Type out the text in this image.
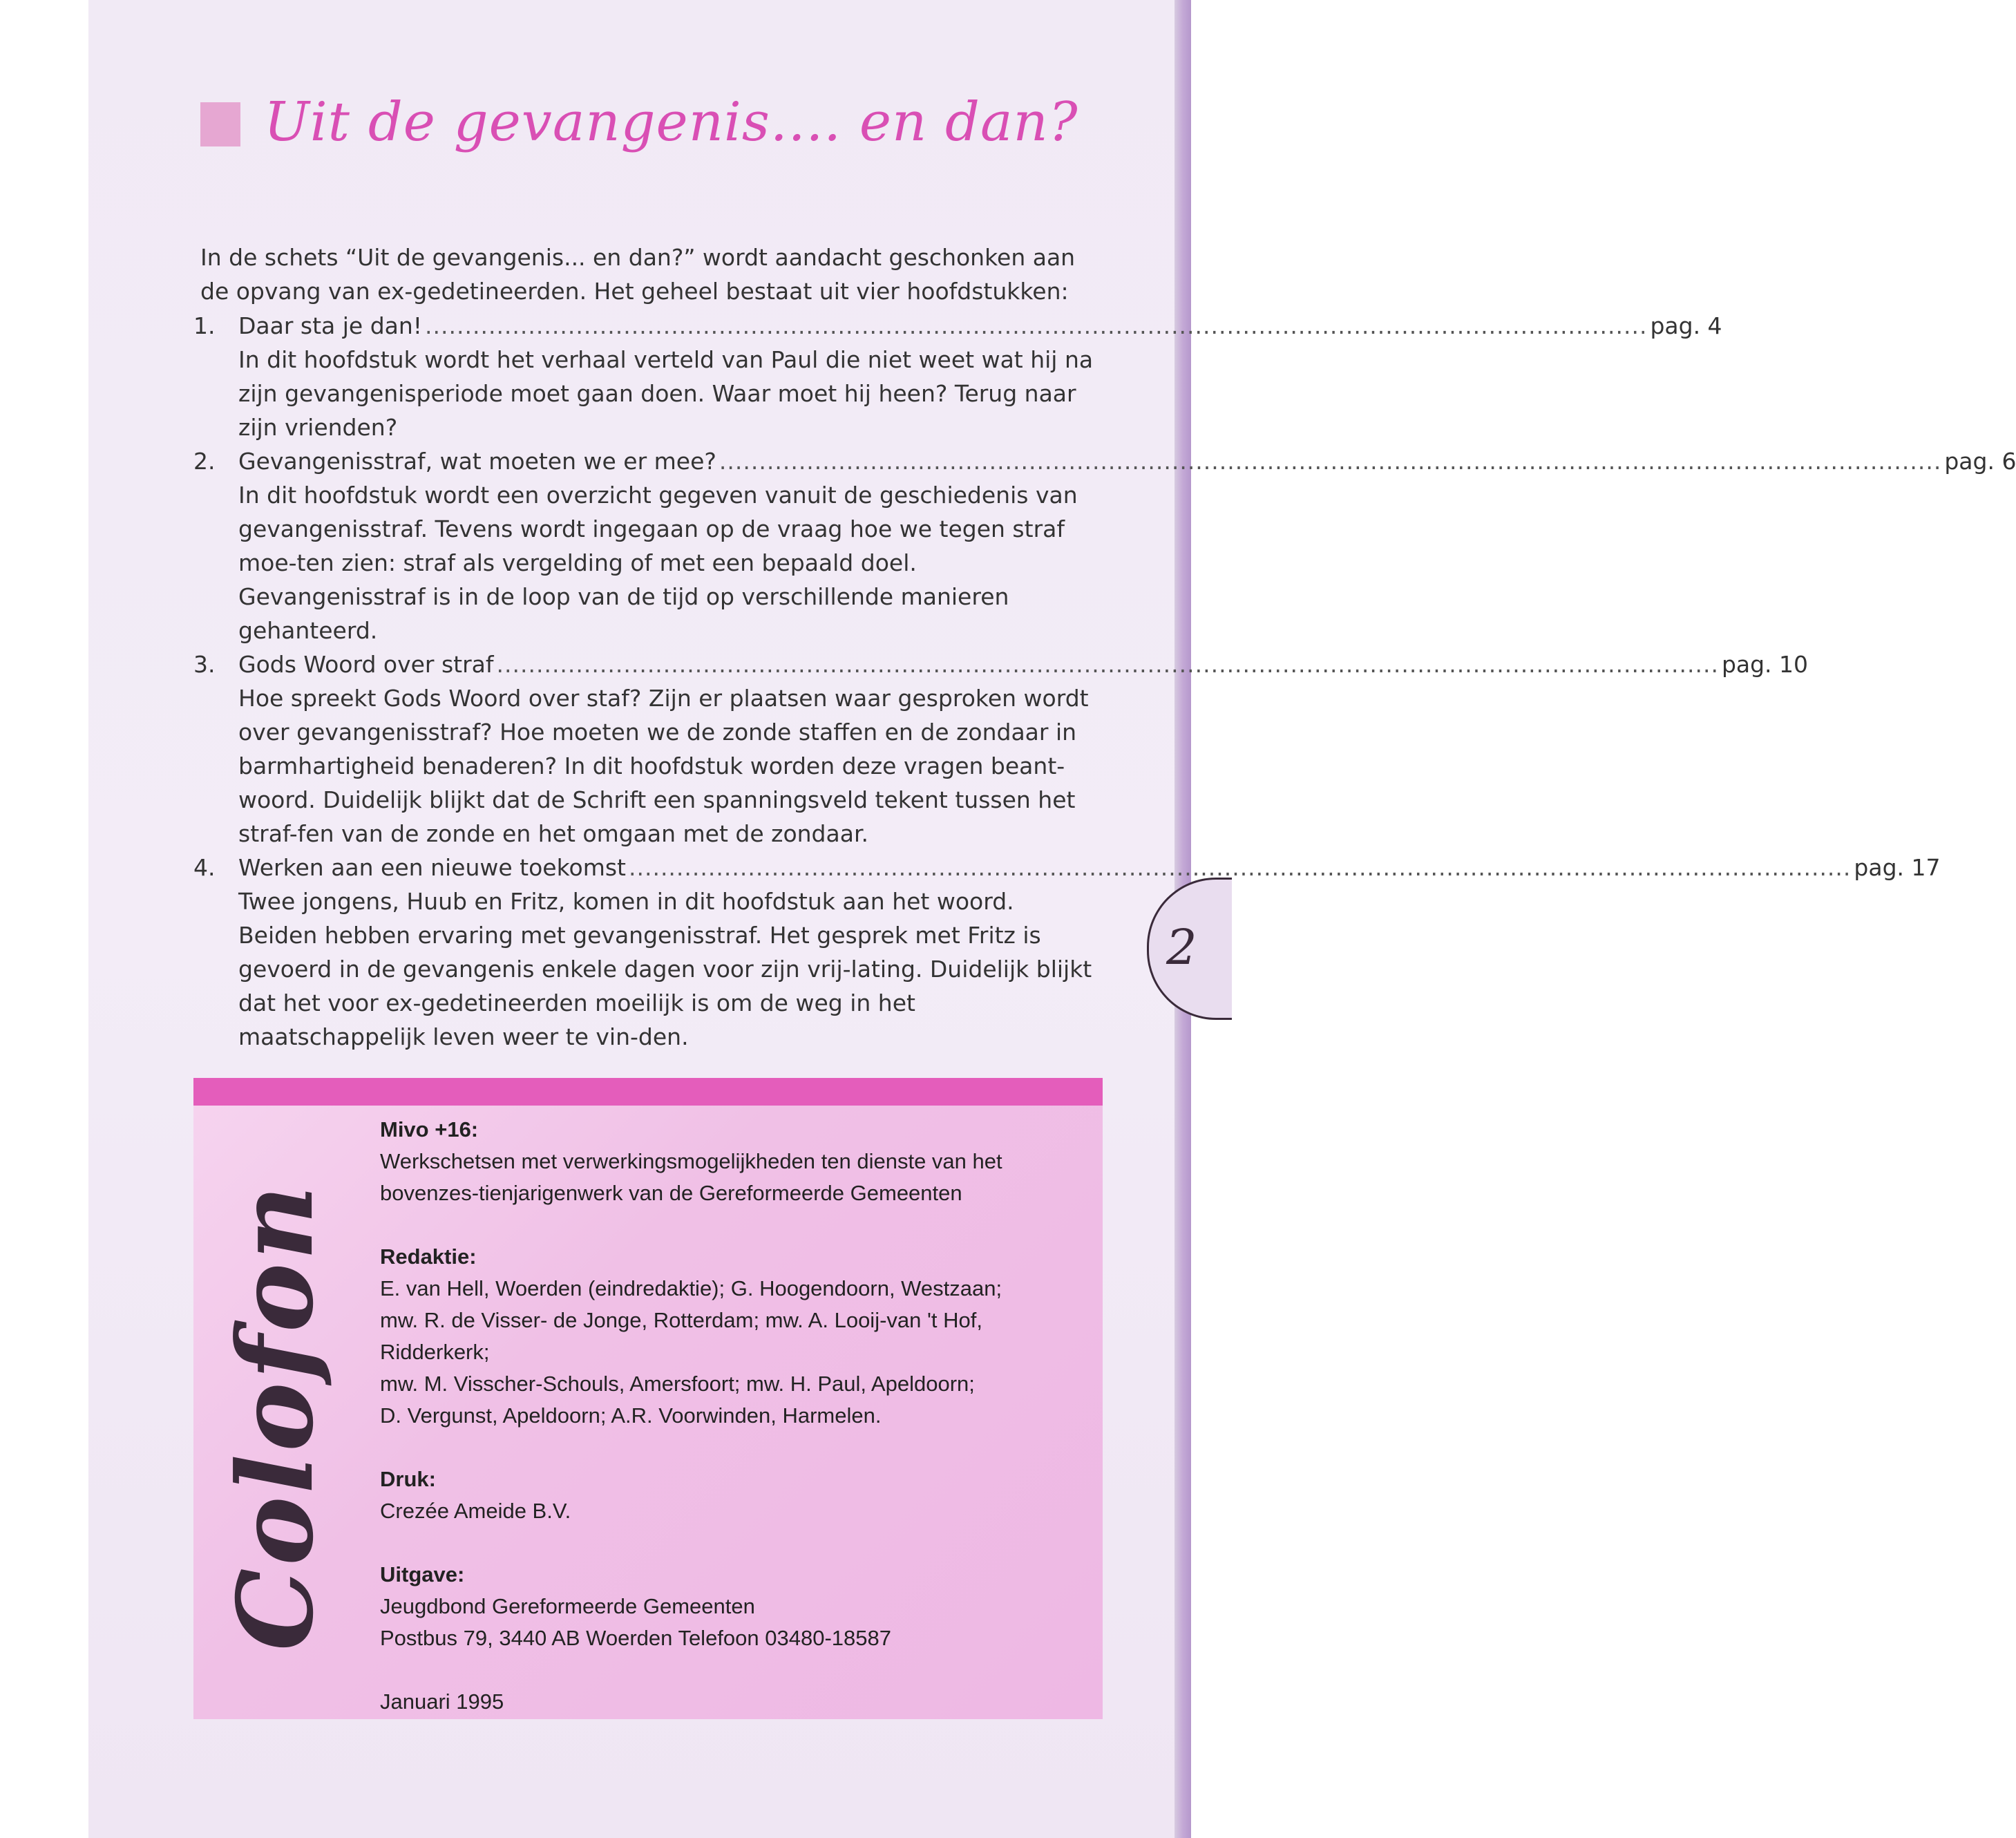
2
Uit de gevangenis.... en dan?

In de schets “Uit de gevangenis... en dan?” wordt aandacht geschonken aan de opvang van ex-gedetineerden. Het geheel bestaat uit vier hoofdstukken:

1. Daar sta je dan! .......................................................................................................................................................... pag. 4

In dit hoofdstuk wordt het verhaal verteld van Paul die niet weet wat hij na zijn gevangenisperiode moet gaan doen. Waar moet hij heen? Terug naar zijn vrienden?

2. Gevangenisstraf, wat moeten we er mee? .......................................................................................................................................................... pag. 6

In dit hoofdstuk wordt een overzicht gegeven vanuit de geschiedenis van gevangenisstraf. Tevens wordt ingegaan op de vraag hoe we tegen straf moe-ten zien: straf als vergelding of met een bepaald doel. Gevangenisstraf is in de loop van de tijd op verschillende manieren gehanteerd.

3. Gods Woord over straf .......................................................................................................................................................... pag. 10

Hoe spreekt Gods Woord over staf? Zijn er plaatsen waar gesproken wordt over gevangenisstraf? Hoe moeten we de zonde staffen en de zondaar in barmhartigheid benaderen? In dit hoofdstuk worden deze vragen beant-woord. Duidelijk blijkt dat de Schrift een spanningsveld tekent tussen het straf-fen van de zonde en het omgaan met de zondaar.

4. Werken aan een nieuwe toekomst .......................................................................................................................................................... pag. 17

Twee jongens, Huub en Fritz, komen in dit hoofdstuk aan het woord. Beiden hebben ervaring met gevangenisstraf. Het gesprek met Fritz is gevoerd in de gevangenis enkele dagen voor zijn vrij-lating. Duidelijk blijkt dat het voor ex-gedetineerden moeilijk is om de weg in het maatschappelijk leven weer te vin-den.

Colofon

Mivo +16:

Werkschetsen met verwerkingsmogelijkheden ten dienste van het bovenzes-tienjarigenwerk van de Gereformeerde Gemeenten

Redaktie:

E. van Hell, Woerden (eindredaktie); G. Hoogendoorn, Westzaan;

mw. R. de Visser- de Jonge, Rotterdam; mw. A. Looij-van 't Hof, Ridderkerk;

mw. M. Visscher-Schouls, Amersfoort; mw. H. Paul, Apeldoorn;

D. Vergunst, Apeldoorn; A.R. Voorwinden, Harmelen.

Druk:

Crezée Ameide B.V.

Uitgave:

Jeugdbond Gereformeerde Gemeenten

Postbus 79, 3440 AB Woerden Telefoon 03480-18587

Januari 1995
